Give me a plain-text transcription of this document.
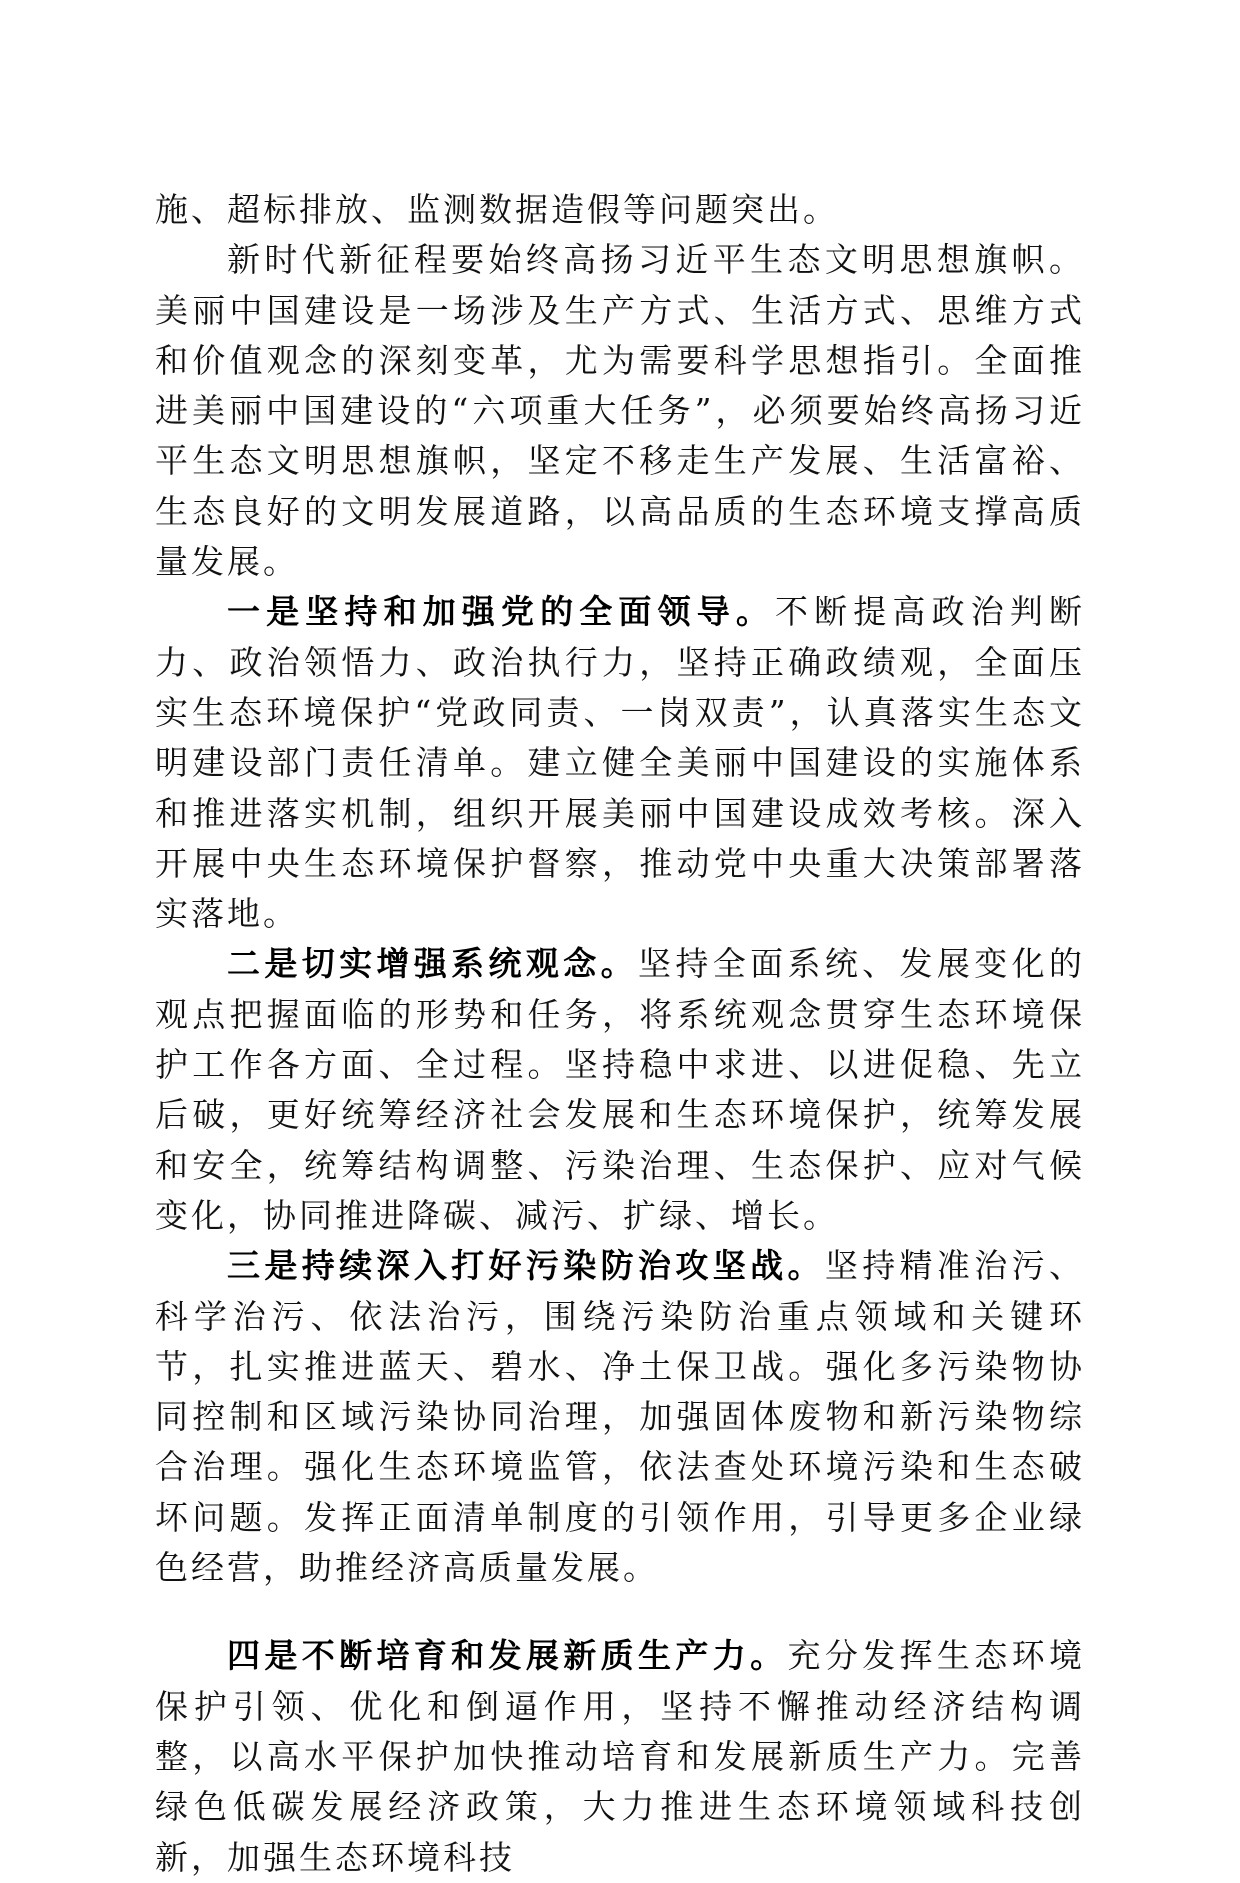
施、超标排放、监测数据造假等问题突出。

新时代新征程要始终高扬习近平生态文明思想旗帜。美丽中国建设是一场涉及生产方式、生活方式、思维方式和价值观念的深刻变革，尤为需要科学思想指引。全面推进美丽中国建设的“六项重大任务”，必须要始终高扬习近平生态文明思想旗帜，坚定不移走生产发展、生活富裕、生态良好的文明发展道路，以高品质的生态环境支撑高质量发展。

一是坚持和加强党的全面领导。不断提高政治判断力、政治领悟力、政治执行力，坚持正确政绩观，全面压实生态环境保护“党政同责、一岗双责”，认真落实生态文明建设部门责任清单。建立健全美丽中国建设的实施体系和推进落实机制，组织开展美丽中国建设成效考核。深入开展中央生态环境保护督察，推动党中央重大决策部署落实落地。

二是切实增强系统观念。坚持全面系统、发展变化的观点把握面临的形势和任务，将系统观念贯穿生态环境保护工作各方面、全过程。坚持稳中求进、以进促稳、先立后破，更好统筹经济社会发展和生态环境保护，统筹发展和安全，统筹结构调整、污染治理、生态保护、应对气候变化，协同推进降碳、减污、扩绿、增长。

三是持续深入打好污染防治攻坚战。坚持精准治污、科学治污、依法治污，围绕污染防治重点领域和关键环节，扎实推进蓝天、碧水、净土保卫战。强化多污染物协同控制和区域污染协同治理，加强固体废物和新污染物综合治理。强化生态环境监管，依法查处环境污染和生态破坏问题。发挥正面清单制度的引领作用，引导更多企业绿色经营，助推经济高质量发展。

四是不断培育和发展新质生产力。充分发挥生态环境保护引领、优化和倒逼作用，坚持不懈推动经济结构调整，以高水平保护加快推动培育和发展新质生产力。完善绿色低碳发展经济政策，大力推进生态环境领域科技创新，加强生态环境科技
